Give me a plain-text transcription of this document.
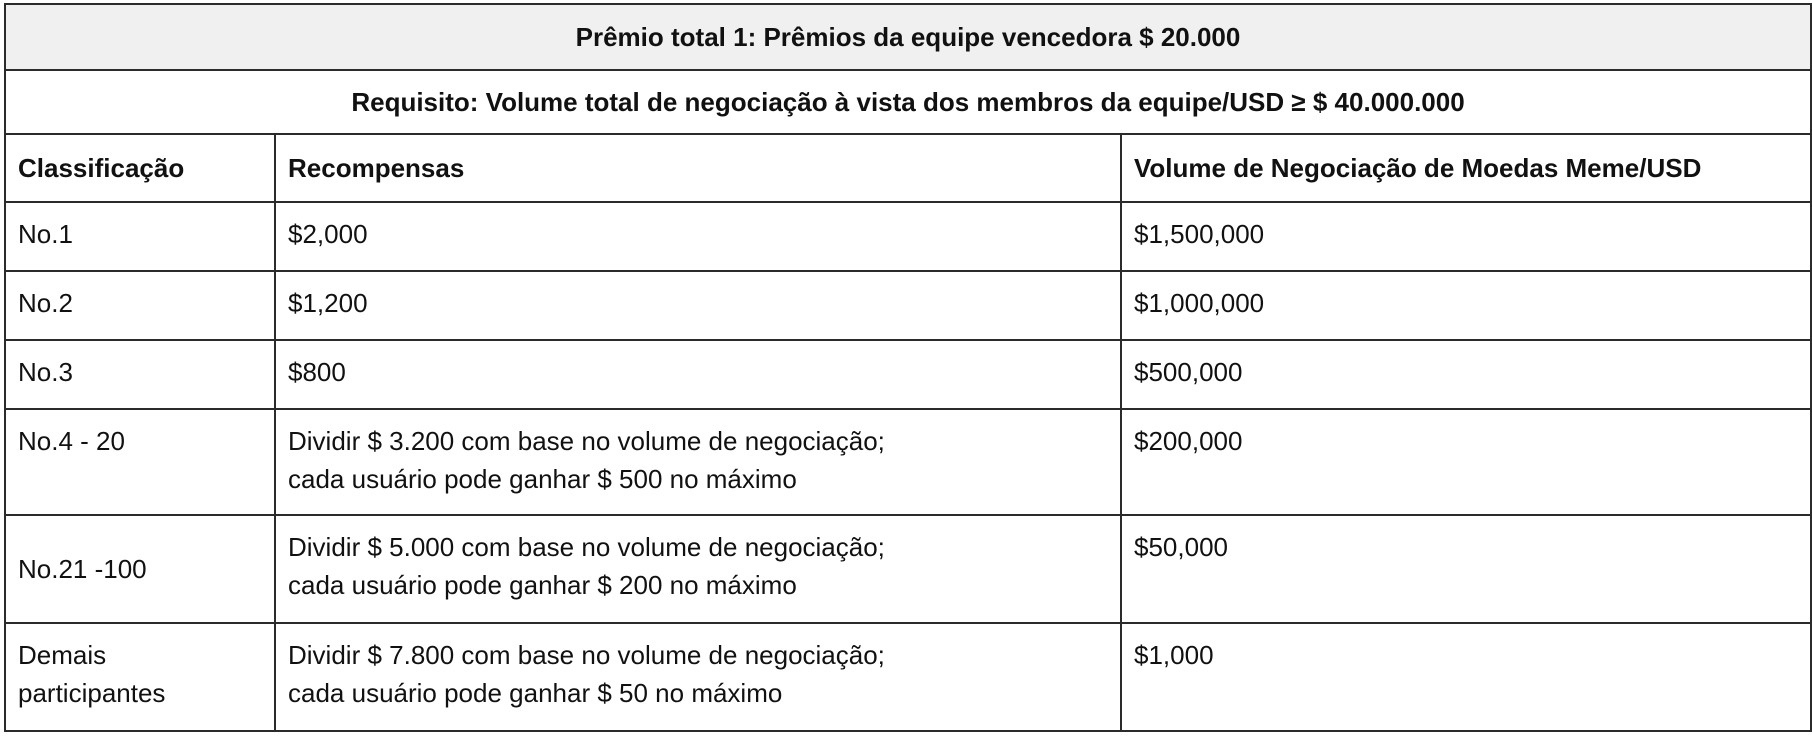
Prêmio total 1: Prêmios da equipe vencedora $ 20.000		
Requisito: Volume total de negociação à vista dos membros da equipe/USD ≥ $ 40.000.000		
Classificação	Recompensas	Volume de Negociação de Moedas Meme/USD

No.1	$2,000	$1,500,000

No.2	$1,200	$1,000,000

No.3	$800	$500,000

No.4 - 20	Dividir $ 3.200 com base no volume de negociação;
cada usuário pode ganhar $ 500 no máximo	$200,000

No.21 -100	Dividir $ 5.000 com base no volume de negociação;
cada usuário pode ganhar $ 200 no máximo	$50,000

Demais
participantes	Dividir $ 7.800 com base no volume de negociação;
cada usuário pode ganhar $ 50 no máximo	$1,000
